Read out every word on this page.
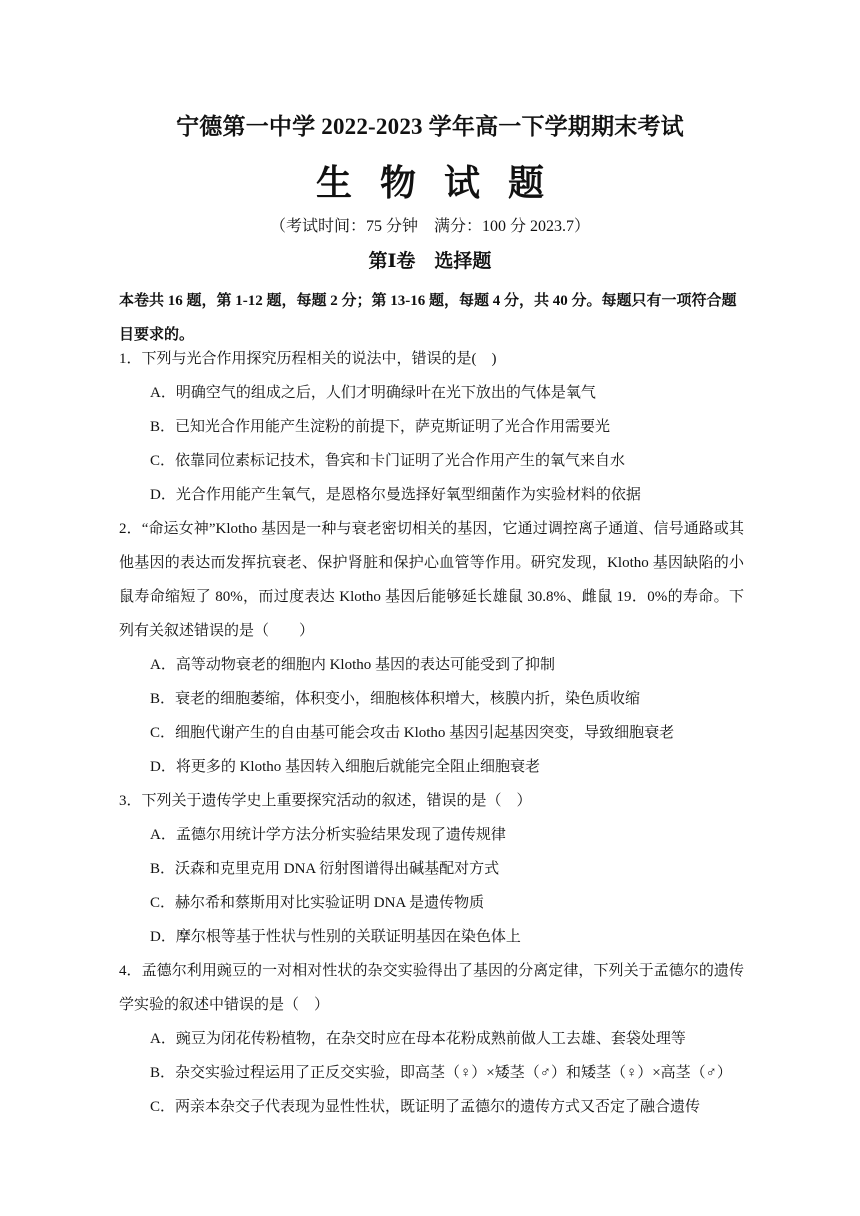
宁德第一中学 2022-2023 学年高一下学期期末考试
生物试题
（考试时间：75 分钟　满分：100 分 2023.7）
第Ⅰ卷　选择题
本卷共 16 题，第 1-12 题，每题 2 分；第 13-16 题，每题 4 分，共 40 分。每题只有一项符合题目要求的。

1．下列与光合作用探究历程相关的说法中，错误的是(　)

A．明确空气的组成之后，人们才明确绿叶在光下放出的气体是氧气

B．已知光合作用能产生淀粉的前提下，萨克斯证明了光合作用需要光

C．依靠同位素标记技术，鲁宾和卡门证明了光合作用产生的氧气来自水

D．光合作用能产生氧气，是恩格尔曼选择好氧型细菌作为实验材料的依据

2．“命运女神”Klotho 基因是一种与衰老密切相关的基因，它通过调控离子通道、信号通路或其他基因的表达而发挥抗衰老、保护肾脏和保护心血管等作用。研究发现，Klotho 基因缺陷的小鼠寿命缩短了 80%，而过度表达 Klotho 基因后能够延长雄鼠 30.8%、雌鼠 19．0%的寿命。下列有关叙述错误的是（　　）

A．高等动物衰老的细胞内 Klotho 基因的表达可能受到了抑制

B．衰老的细胞萎缩，体积变小，细胞核体积增大，核膜内折，染色质收缩

C．细胞代谢产生的自由基可能会攻击 Klotho 基因引起基因突变，导致细胞衰老

D．将更多的 Klotho 基因转入细胞后就能完全阻止细胞衰老

3．下列关于遗传学史上重要探究活动的叙述，错误的是（　）

A．孟德尔用统计学方法分析实验结果发现了遗传规律

B．沃森和克里克用 DNA 衍射图谱得出碱基配对方式

C．赫尔希和蔡斯用对比实验证明 DNA 是遗传物质

D．摩尔根等基于性状与性别的关联证明基因在染色体上

4．孟德尔利用豌豆的一对相对性状的杂交实验得出了基因的分离定律，下列关于孟德尔的遗传学实验的叙述中错误的是（　）

A．豌豆为闭花传粉植物，在杂交时应在母本花粉成熟前做人工去雄、套袋处理等

B．杂交实验过程运用了正反交实验，即高茎（♀）×矮茎（♂）和矮茎（♀）×高茎（♂）

C．两亲本杂交子代表现为显性性状，既证明了孟德尔的遗传方式又否定了融合遗传
